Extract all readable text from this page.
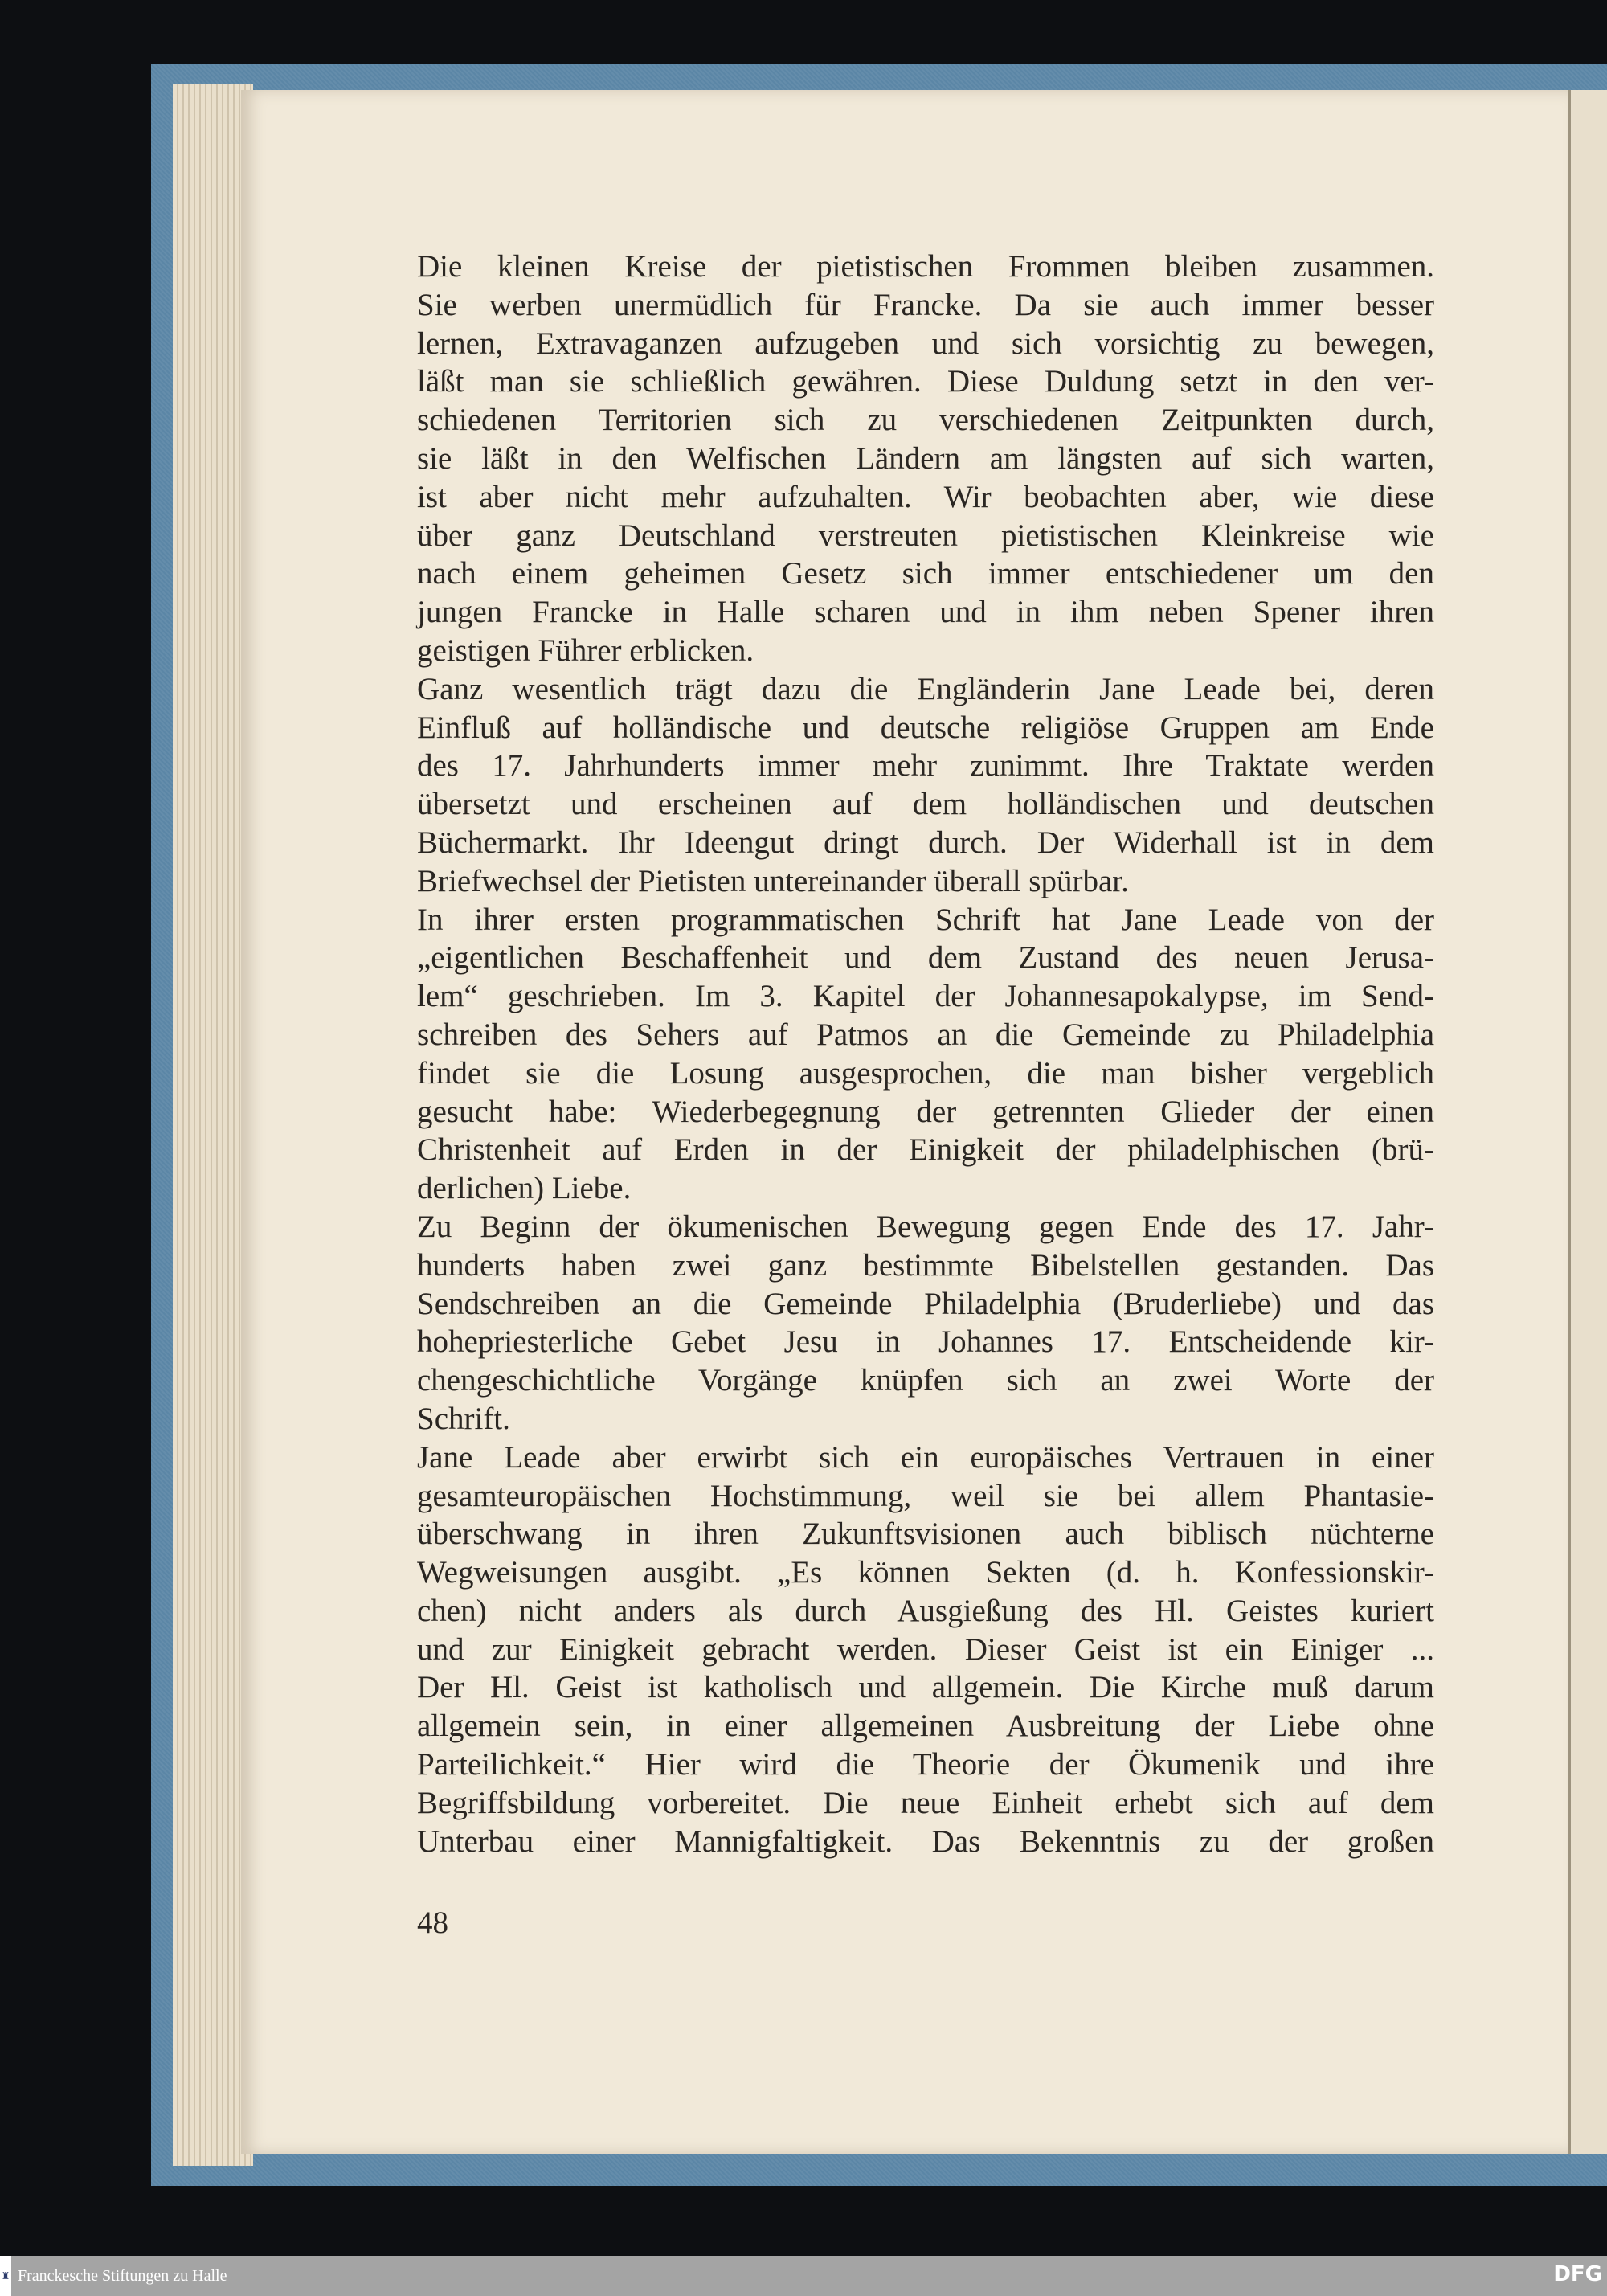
Die kleinen Kreise der pietistischen Frommen bleiben zusammen.
Sie werben unermüdlich für Francke. Da sie auch immer besser
lernen, Extravaganzen aufzugeben und sich vorsichtig zu bewegen,
läßt man sie schließlich gewähren. Diese Duldung setzt in den ver-
schiedenen Territorien sich zu verschiedenen Zeitpunkten durch,
sie läßt in den Welfischen Ländern am längsten auf sich warten,
ist aber nicht mehr aufzuhalten. Wir beobachten aber, wie diese
über ganz Deutschland verstreuten pietistischen Kleinkreise wie
nach einem geheimen Gesetz sich immer entschiedener um den
jungen Francke in Halle scharen und in ihm neben Spener ihren
geistigen Führer erblicken.
Ganz wesentlich trägt dazu die Engländerin Jane Leade bei, deren
Einfluß auf holländische und deutsche religiöse Gruppen am Ende
des 17. Jahrhunderts immer mehr zunimmt. Ihre Traktate werden
übersetzt und erscheinen auf dem holländischen und deutschen
Büchermarkt. Ihr Ideengut dringt durch. Der Widerhall ist in dem
Briefwechsel der Pietisten untereinander überall spürbar.
In ihrer ersten programmatischen Schrift hat Jane Leade von der
„eigentlichen Beschaffenheit und dem Zustand des neuen Jerusa-
lem“ geschrieben. Im 3. Kapitel der Johannesapokalypse, im Send-
schreiben des Sehers auf Patmos an die Gemeinde zu Philadelphia
findet sie die Losung ausgesprochen, die man bisher vergeblich
gesucht habe: Wiederbegegnung der getrennten Glieder der einen
Christenheit auf Erden in der Einigkeit der philadelphischen (brü-
derlichen) Liebe.
Zu Beginn der ökumenischen Bewegung gegen Ende des 17. Jahr-
hunderts haben zwei ganz bestimmte Bibelstellen gestanden. Das
Sendschreiben an die Gemeinde Philadelphia (Bruderliebe) und das
hohepriesterliche Gebet Jesu in Johannes 17. Entscheidende kir-
chengeschichtliche Vorgänge knüpfen sich an zwei Worte der
Schrift.
Jane Leade aber erwirbt sich ein europäisches Vertrauen in einer
gesamteuropäischen Hochstimmung, weil sie bei allem Phantasie-
überschwang in ihren Zukunftsvisionen auch biblisch nüchterne
Wegweisungen ausgibt. „Es können Sekten (d. h. Konfessionskir-
chen) nicht anders als durch Ausgießung des Hl. Geistes kuriert
und zur Einigkeit gebracht werden. Dieser Geist ist ein Einiger ...
Der Hl. Geist ist katholisch und allgemein. Die Kirche muß darum
allgemein sein, in einer allgemeinen Ausbreitung der Liebe ohne
Parteilichkeit.“ Hier wird die Theorie der Ökumenik und ihre
Begriffsbildung vorbereitet. Die neue Einheit erhebt sich auf dem
Unterbau einer Mannigfaltigkeit. Das Bekenntnis zu der großen
48
♜ Franckesche Stiftungen zu Halle	DFG
